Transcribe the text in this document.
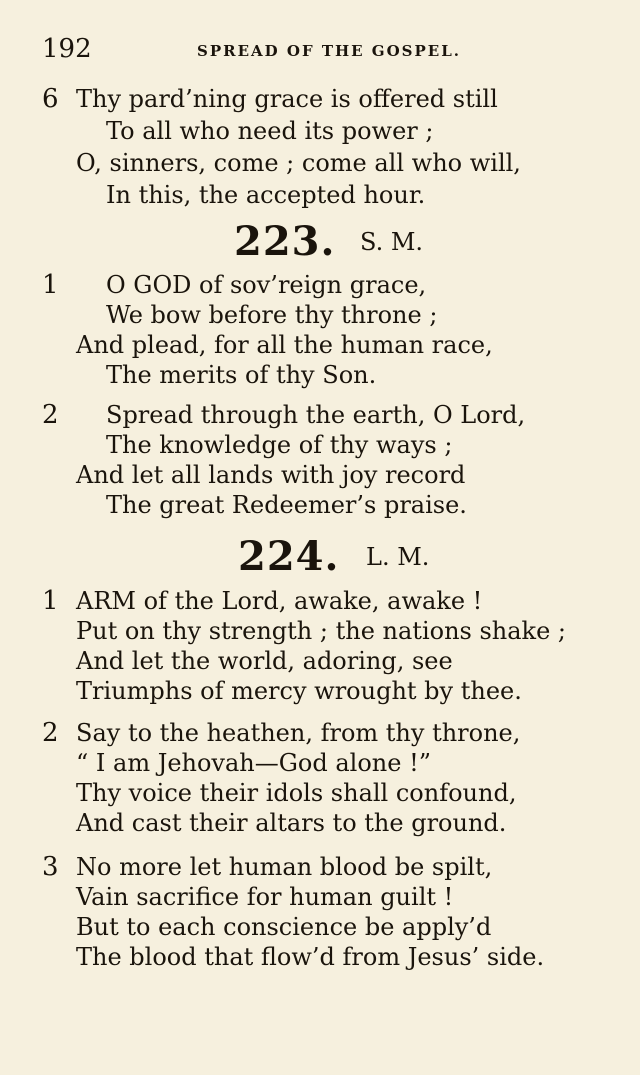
192	SPREAD OF THE GOSPEL.
6 Thy pard’ning grace is offered still
To all who need its power ;
O, sinners, come ; come all who will,
In this, the accepted hour.
223. S. M.
1 O GOD of sov’reign grace,
We bow before thy throne ;
And plead, for all the human race,
The merits of thy Son.
2 Spread through the earth, O Lord,
The knowledge of thy ways ;
And let all lands with joy record
The great Redeemer’s praise.
224. L. M.
1 ARM of the Lord, awake, awake !
Put on thy strength ; the nations shake ;
And let the world, adoring, see
Triumphs of mercy wrought by thee.
2 Say to the heathen, from thy throne,
“ I am Jehovah—God alone !”
Thy voice their idols shall confound,
And cast their altars to the ground.
3 No more let human blood be spilt,
Vain sacrifice for human guilt !
But to each conscience be apply’d
The blood that flow’d from Jesus’ side.
